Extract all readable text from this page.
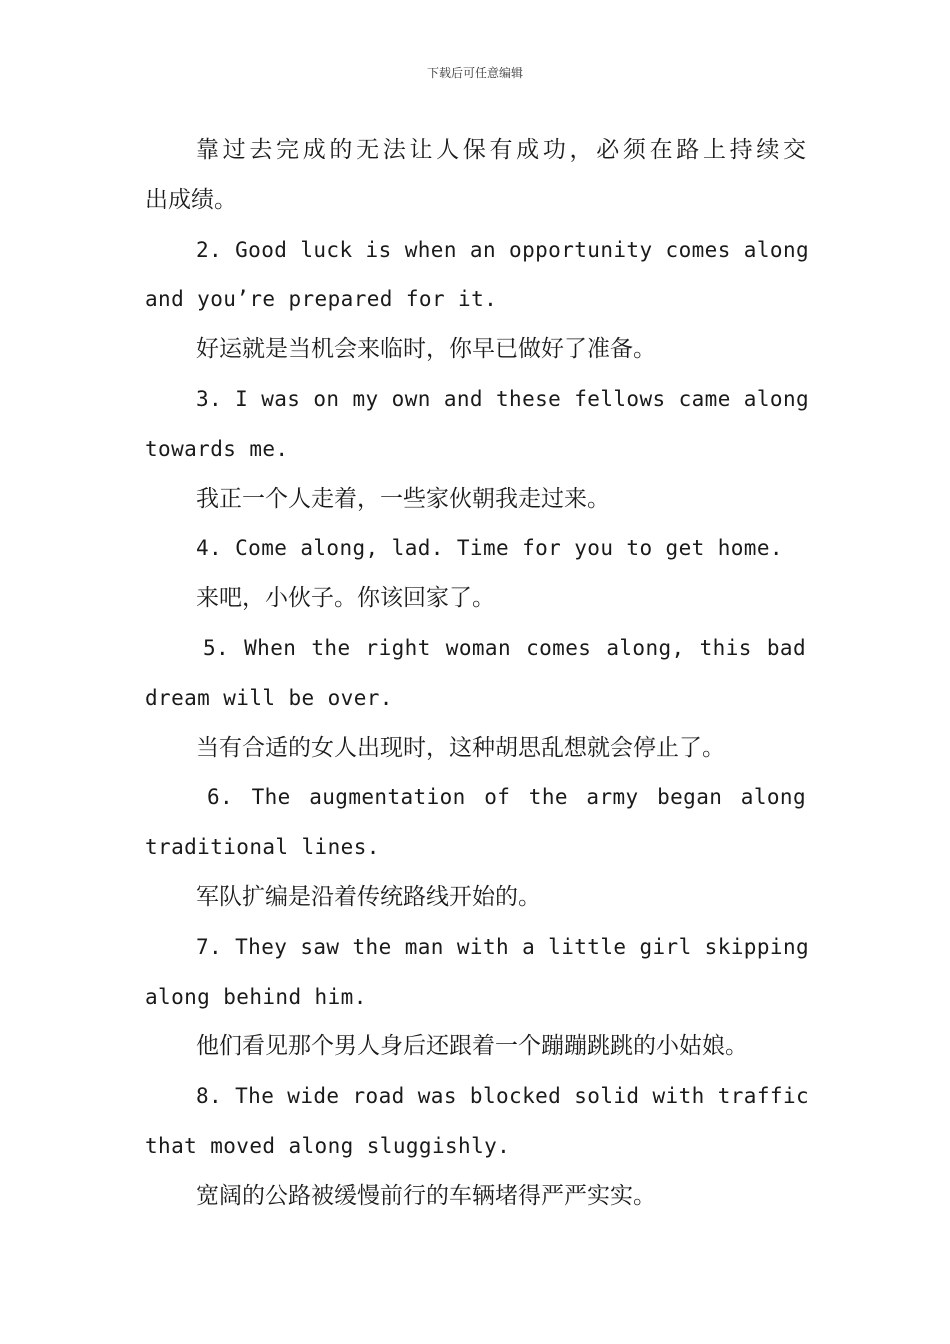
下载后可任意编辑
靠过去完成的无法让人保有成功，必须在路上持续交
出成绩。
2. Good luck is when an opportunity comes along
and you’re prepared for it.
好运就是当机会来临时，你早已做好了准备。
3. I was on my own and these fellows came along
towards me.
我正一个人走着，一些家伙朝我走过来。
4. Come along, lad. Time for you to get home.
来吧，小伙子。你该回家了。
5. When the right woman comes along, this bad
dream will be over.
当有合适的女人出现时，这种胡思乱想就会停止了。
6. The augmentation of the army began along
traditional lines.
军队扩编是沿着传统路线开始的。
7. They saw the man with a little girl skipping
along behind him.
他们看见那个男人身后还跟着一个蹦蹦跳跳的小姑娘。
8. The wide road was blocked solid with traffic
that moved along sluggishly.
宽阔的公路被缓慢前行的车辆堵得严严实实。
